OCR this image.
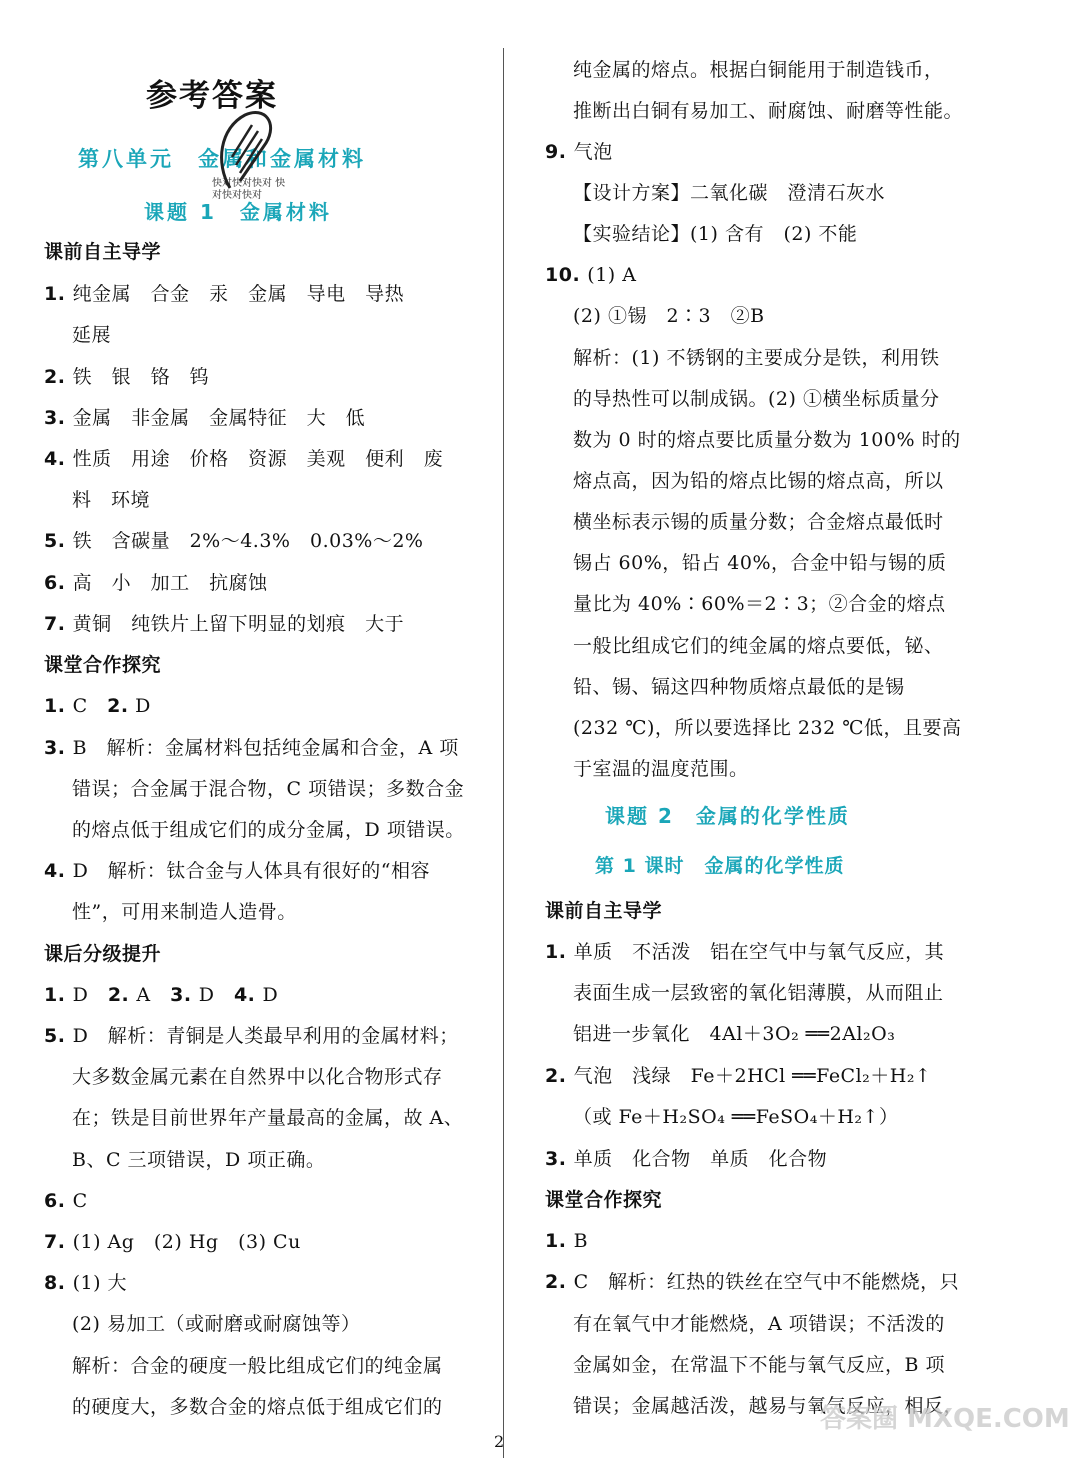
参考答案
第八单元　金属和金属材料
快对快对快对 快对快对快对
课题 1　金属材料
课前自主导学
1. 纯金属　合金　汞　金属　导电　导热
延展
2. 铁　银　铬　钨
3. 金属　非金属　金属特征　大　低
4. 性质　用途　价格　资源　美观　便利　废
料　环境
5. 铁　含碳量　2%～4.3%　0.03%～2%
6. 高　小　加工　抗腐蚀
7. 黄铜　纯铁片上留下明显的划痕　大于
课堂合作探究
1. C　 2. D
3. B　解析：金属材料包括纯金属和合金，A 项
错误；合金属于混合物，C 项错误；多数合金
的熔点低于组成它们的成分金属，D 项错误。
4. D　解析：钛合金与人体具有很好的“相容
性”，可用来制造人造骨。
课后分级提升
1. D　 2. A　 3. D　 4. D
5. D　解析：青铜是人类最早利用的金属材料；
大多数金属元素在自然界中以化合物形式存
在；铁是目前世界年产量最高的金属，故 A、
B、C 三项错误，D 项正确。
6. C
7. (1) Ag　(2) Hg　(3) Cu
8. (1) 大
(2) 易加工（或耐磨或耐腐蚀等）
解析：合金的硬度一般比组成它们的纯金属
的硬度大，多数合金的熔点低于组成它们的
纯金属的熔点。根据白铜能用于制造钱币，
推断出白铜有易加工、耐腐蚀、耐磨等性能。
9. 气泡
【设计方案】二氧化碳　澄清石灰水
【实验结论】(1) 含有　(2) 不能
10. (1) A
(2) ①锡　2∶3　②B
解析：(1) 不锈钢的主要成分是铁，利用铁
的导热性可以制成锅。(2) ①横坐标质量分
数为 0 时的熔点要比质量分数为 100% 时的
熔点高，因为铅的熔点比锡的熔点高，所以
横坐标表示锡的质量分数；合金熔点最低时
锡占 60%，铅占 40%，合金中铅与锡的质
量比为 40%∶60%＝2∶3；②合金的熔点
一般比组成它们的纯金属的熔点要低，铋、
铅、锡、镉这四种物质熔点最低的是锡
(232 ℃)，所以要选择比 232 ℃低，且要高
于室温的温度范围。
课题 2　金属的化学性质
第 1 课时　金属的化学性质
课前自主导学
1. 单质　不活泼　铝在空气中与氧气反应，其
表面生成一层致密的氧化铝薄膜，从而阻止
铝进一步氧化　 4Al＋3O₂ ══2Al₂O₃
2. 气泡　浅绿　 Fe＋2HCl ══FeCl₂＋H₂↑
（或 Fe＋H₂SO₄ ══FeSO₄＋H₂↑）
3. 单质　化合物　单质　化合物
课堂合作探究
1. B
2. C　解析：红热的铁丝在空气中不能燃烧，只
有在氧气中才能燃烧，A 项错误；不活泼的
金属如金，在常温下不能与氧气反应，B 项
错误；金属越活泼，越易与氧气反应，相反，
答案圈 MXQE.COM
2
